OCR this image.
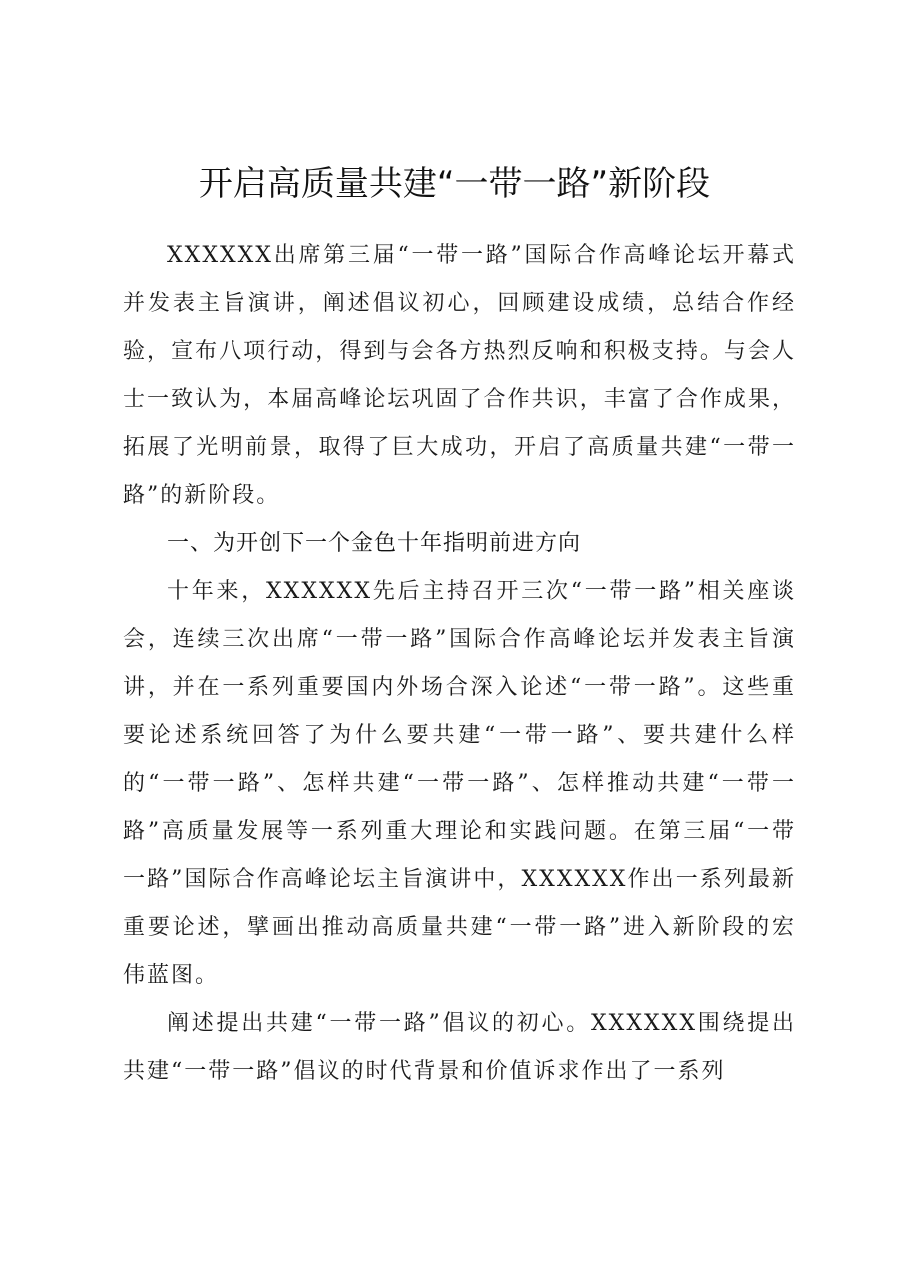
开启高质量共建“一带一路”新阶段

XXXXXX出席第三届“一带一路”国际合作高峰论坛开幕式并发表主旨演讲，阐述倡议初心，回顾建设成绩，总结合作经验，宣布八项行动，得到与会各方热烈反响和积极支持。与会人士一致认为，本届高峰论坛巩固了合作共识，丰富了合作成果，拓展了光明前景，取得了巨大成功，开启了高质量共建“一带一路”的新阶段。

一、为开创下一个金色十年指明前进方向

十年来，XXXXXX先后主持召开三次“一带一路”相关座谈会，连续三次出席“一带一路”国际合作高峰论坛并发表主旨演讲，并在一系列重要国内外场合深入论述“一带一路”。这些重要论述系统回答了为什么要共建“一带一路”、要共建什么样的“一带一路”、怎样共建“一带一路”、怎样推动共建“一带一路”高质量发展等一系列重大理论和实践问题。在第三届“一带一路”国际合作高峰论坛主旨演讲中，XXXXXX作出一系列最新重要论述，擘画出推动高质量共建“一带一路”进入新阶段的宏伟蓝图。

阐述提出共建“一带一路”倡议的初心。XXXXXX围绕提出共建“一带一路”倡议的时代背景和价值诉求作出了一系列
